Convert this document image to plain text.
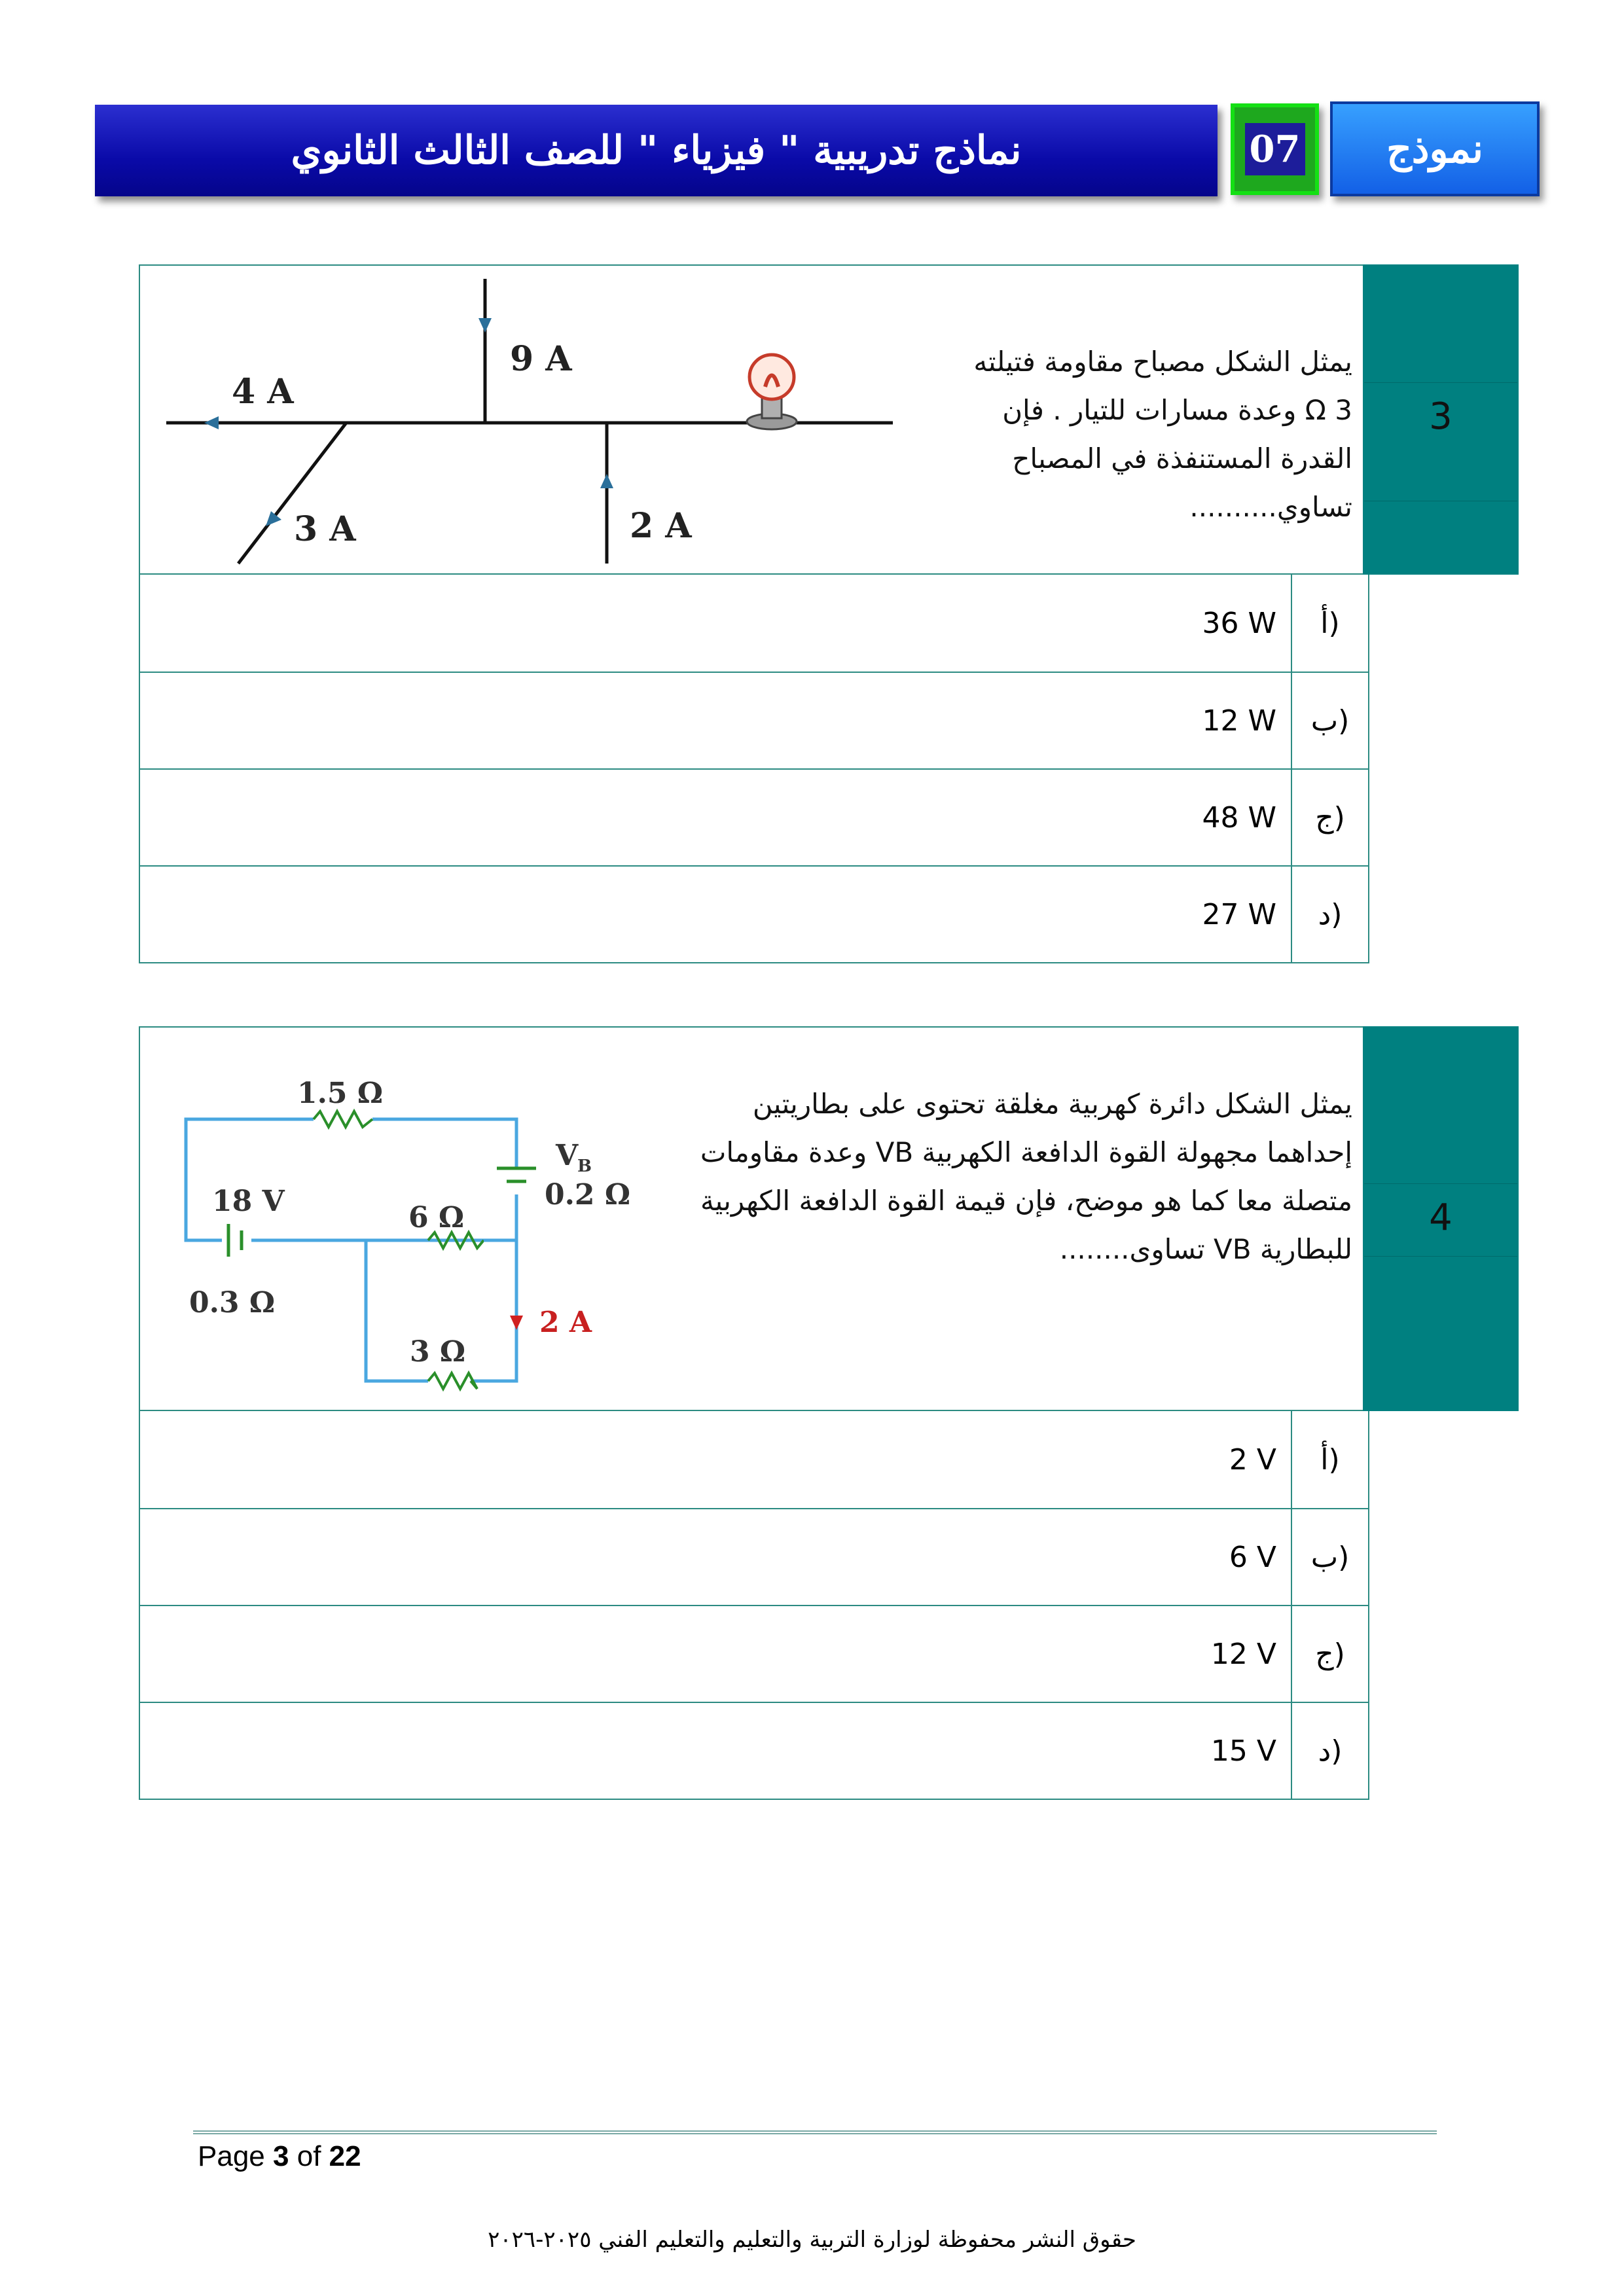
نماذج تدريبية " فيزياء " للصف الثالث الثانوي	07 نموذج
يمثل الشكل مصباح مقاومة فتيلته
3 Ω وعدة مسارات للتيار . فإن
القدرة المستنفذة في المصباح
تساوي..........
9 A
4 A
3 A	2 A
3
أ)
36 W
ب)
12 W
ج)
48 W
د)
27 W
يمثل الشكل دائرة كهربية مغلقة تحتوى على بطاريتين
إحداهما مجهولة القوة الدافعة الكهربية VB وعدة مقاومات
متصلة معا كما هو موضح، فإن قيمة القوة الدافعة الكهربية
للبطارية VB تساوى........
1.5 Ω
V
B
0.2 Ω
18 V	6 Ω
0.3 Ω
2 A
3 Ω
4
أ)
2 V
ب)
6 V
ج)
12 V
د)
15 V
Page 3 of 22
حقوق النشر محفوظة لوزارة التربية والتعليم والتعليم الفني ٢٠٢٥-٢٠٢٦
